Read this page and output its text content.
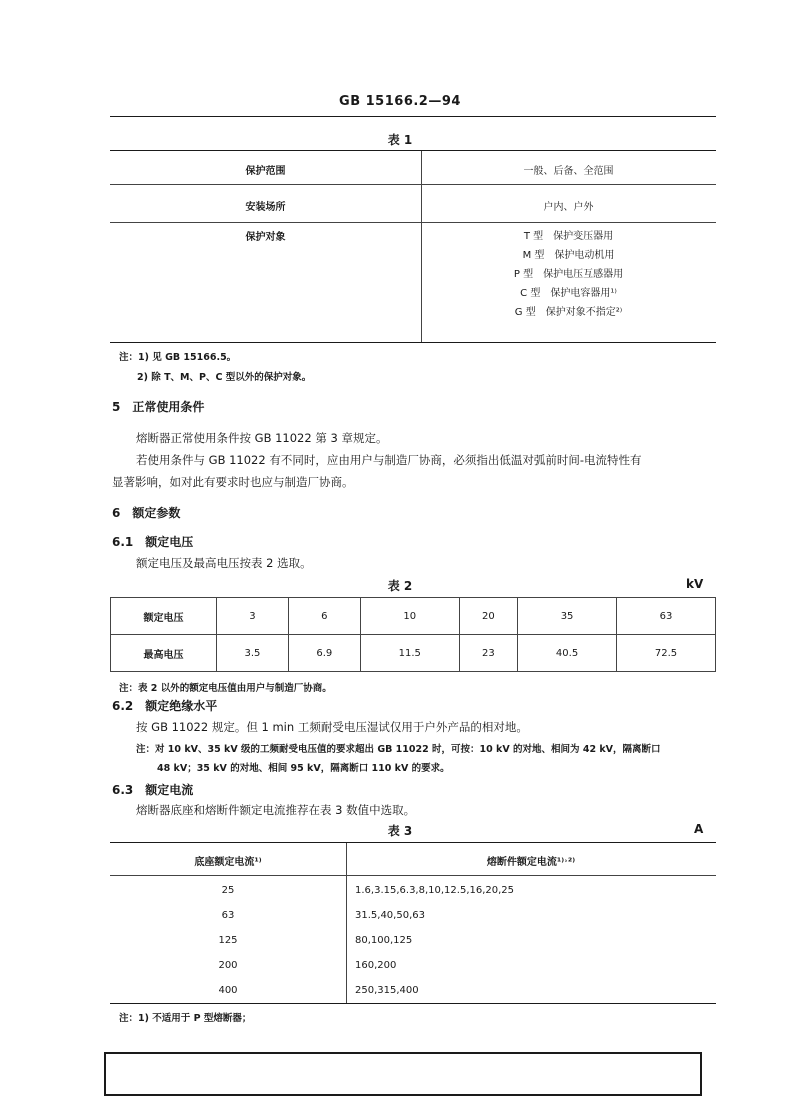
GB 15166.2—94
表 1
保护范围	一般、后备、全范围
安装场所	户内、户外
保护对象	T 型　保护变压器用
M 型　保护电动机用
P 型　保护电压互感器用
C 型　保护电容器用¹⁾
G 型　保护对象不指定²⁾
注：1) 见 GB 15166.5。
2) 除 T、M、P、C 型以外的保护对象。
5　正常使用条件
熔断器正常使用条件按 GB 11022 第 3 章规定。
若使用条件与 GB 11022 有不同时，应由用户与制造厂协商，必须指出低温对弧前时间-电流特性有
显著影响，如对此有要求时也应与制造厂协商。
6　额定参数
6.1　额定电压
额定电压及最高电压按表 2 选取。
表 2	kV
额定电压	3	6	10	20	35	63
最高电压	3.5	6.9	11.5	23	40.5	72.5
注：表 2 以外的额定电压值由用户与制造厂协商。
6.2　额定绝缘水平
按 GB 11022 规定。但 1 min 工频耐受电压湿试仅用于户外产品的相对地。
注：对 10 kV、35 kV 级的工频耐受电压值的要求超出 GB 11022 时，可按：10 kV 的对地、相间为 42 kV，隔离断口
48 kV；35 kV 的对地、相间 95 kV，隔离断口 110 kV 的要求。
6.3　额定电流
熔断器底座和熔断件额定电流推荐在表 3 数值中选取。
表 3	A
底座额定电流¹⁾	熔断件额定电流¹⁾˒²⁾
25	1.6,3.15,6.3,8,10,12.5,16,20,25
63	31.5,40,50,63
125	80,100,125
200	160,200
400	250,315,400
注：1) 不适用于 P 型熔断器；
